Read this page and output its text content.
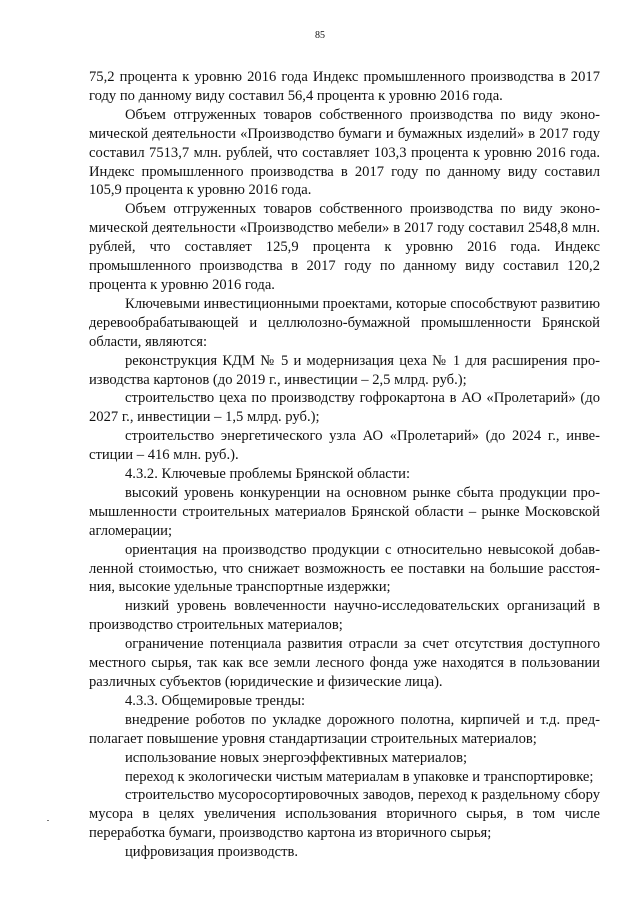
85

75,2 процента к уровню 2016 года Индекс промышленного производства в 2017 году по данному виду составил 56,4 процента к уровню 2016 года.

Объем отгруженных товаров собственного производства по виду экономической деятельности «Производство бумаги и бумажных изделий» в 2017 году составил 7513,7 млн. рублей, что составляет 103,3 процента к уровню 2016 года. Индекс промышленного производства в 2017 году по данному виду составил 105,9 процента к уровню 2016 года.

Объем отгруженных товаров собственного производства по виду экономической деятельности «Производство мебели» в 2017 году составил 2548,8 млн. рублей, что составляет 125,9 процента к уровню 2016 года. Индекс промышленного производства в 2017 году по данному виду составил 120,2 процента к уровню 2016 года.

Ключевыми инвестиционными проектами, которые способствуют развитию деревообрабатывающей и целлюлозно-бумажной промышленности Брянской области, являются:

реконструкция КДМ № 5 и модернизация цеха № 1 для расширения производства картонов (до 2019 г., инвестиции – 2,5 млрд. руб.);

строительство цеха по производству гофрокартона в АО «Пролетарий» (до 2027 г., инвестиции – 1,5 млрд. руб.);

строительство энергетического узла АО «Пролетарий» (до 2024 г., инвестиции – 416 млн. руб.).

4.3.2. Ключевые проблемы Брянской области:

высокий уровень конкуренции на основном рынке сбыта продукции промышленности строительных материалов Брянской области – рынке Московской агломерации;

ориентация на производство продукции с относительно невысокой добавленной стоимостью, что снижает возможность ее поставки на большие расстояния, высокие удельные транспортные издержки;

низкий уровень вовлеченности научно-исследовательских организаций в производство строительных материалов;

ограничение потенциала развития отрасли за счет отсутствия доступного местного сырья, так как все земли лесного фонда уже находятся в пользовании различных субъектов (юридические и физические лица).

4.3.3. Общемировые тренды:

внедрение роботов по укладке дорожного полотна, кирпичей и т.д. предполагает повышение уровня стандартизации строительных материалов;

использование новых энергоэффективных материалов;

переход к экологически чистым материалам в упаковке и транспортировке;

строительство мусоросортировочных заводов, переход к раздельному сбору мусора в целях увеличения использования вторичного сырья, в том числе переработка бумаги, производство картона из вторичного сырья;

цифровизация производств.
